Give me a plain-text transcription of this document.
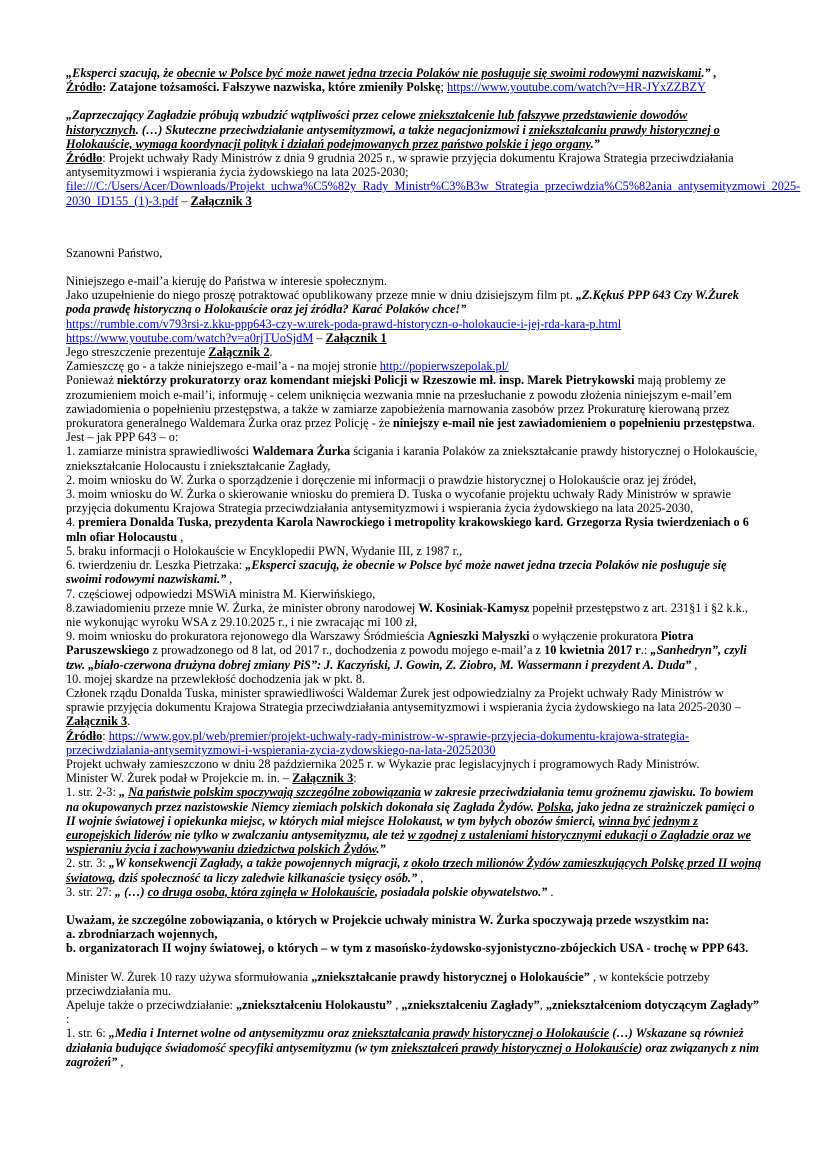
„Eksperci szacują, że obecnie w Polsce być może nawet jedna trzecia Polaków nie posługuje się swoimi rodowymi nazwiskami.” ,
Źródło: Zatajone tożsamości. Fałszywe nazwiska, które zmieniły Polskę; https://www.youtube.com/watch?v=HR-JYxZZBZY

„Zaprzeczający Zagładzie próbują wzbudzić wątpliwości przez celowe zniekształcenie lub fałszywe przedstawienie dowodów historycznych. (…) Skuteczne przeciwdziałanie antysemityzmowi, a także negacjonizmowi i zniekształcaniu prawdy historycznej o Holokauście, wymaga koordynacji polityk i działań podejmowanych przez państwo polskie i jego organy.”
Źródło: Projekt uchwały Rady Ministrów z dnia 9 grudnia 2025 r., w sprawie przyjęcia dokumentu Krajowa Strategia przeciwdziałania antysemityzmowi i wspierania życia żydowskiego na lata 2025-2030; file:///C:/Users/Acer/Downloads/Projekt_uchwa%C5%82y_Rady_Ministr%C3%B3w_Strategia_przeciwdzia%C5%82ania_antysemityzmowi_2025-2030_ID155_(1)-3.pdf – Załącznik 3

Szanowni Państwo,

Niniejszego e-mail’a kieruję do Państwa w interesie społecznym.

Jako uzupełnienie do niego proszę potraktować opublikowany przeze mnie w dniu dzisiejszym film pt. „Z.Kękuś PPP 643 Czy W.Żurek poda prawdę historyczną o Holokauście oraz jej źródła? Karać Polaków chce!”

https://rumble.com/v793rsi-z.kku-ppp643-czy-w.urek-poda-prawd-historyczn-o-holokaucie-i-jej-rda-kara-p.html

https://www.youtube.com/watch?v=a0rjTUoSjdM – Załącznik 1

Jego streszczenie prezentuje Załącznik 2.

Zamieszczę go - a także niniejszego e-mail’a - na mojej stronie http://popierwszepolak.pl/

Ponieważ niektórzy prokuratorzy oraz komendant miejski Policji w Rzeszowie mł. insp. Marek Pietrykowski mają problemy ze zrozumieniem moich e-mail’i, informuję - celem uniknięcia wezwania mnie na przesłuchanie z powodu złożenia niniejszym e-mail’em zawiadomienia o popełnieniu przestępstwa, a także w zamiarze zapobieżenia marnowania zasobów przez Prokuraturę kierowaną przez prokuratora generalnego Waldemara Żurka oraz przez Policję - że niniejszy e-mail nie jest zawiadomieniem o popełnieniu przestępstwa.

Jest – jak PPP 643 – o:

1. zamiarze ministra sprawiedliwości Waldemara Żurka ścigania i karania Polaków za zniekształcanie prawdy historycznej o Holokauście, zniekształcanie Holocaustu i zniekształcanie Zagłady,

2. moim wniosku do W. Żurka o sporządzenie i doręczenie mi informacji o prawdzie historycznej o Holokauście oraz jej źródeł,

3. moim wniosku do W. Żurka o skierowanie wniosku do premiera D. Tuska o wycofanie projektu uchwały Rady Ministrów w sprawie przyjęcia dokumentu Krajowa Strategia przeciwdziałania antysemityzmowi i wspierania życia żydowskiego na lata 2025-2030,

4. premiera Donalda Tuska, prezydenta Karola Nawrockiego i metropolity krakowskiego kard. Grzegorza Rysia twierdzeniach o 6 mln ofiar Holocaustu ,

5. braku informacji o Holokauście w Encyklopedii PWN, Wydanie III, z 1987 r.,

6. twierdzeniu dr. Leszka Pietrzaka: „Eksperci szacują, że obecnie w Polsce być może nawet jedna trzecia Polaków nie posługuje się swoimi rodowymi nazwiskami.” ,

7. częściowej odpowiedzi MSWiA ministra M. Kierwińskiego,

8.zawiadomieniu przeze mnie W. Żurka, że minister obrony narodowej W. Kosiniak-Kamysz popełnił przestępstwo z art. 231§1 i §2 k.k., nie wykonując wyroku WSA z 29.10.2025 r., i nie zwracając mi 100 zł,

9. moim wniosku do prokuratora rejonowego dla Warszawy Śródmieścia Agnieszki Małyszki o wyłączenie prokuratora Piotra Paruszewskiego z prowadzonego od 8 lat, od 2017 r., dochodzenia z powodu mojego e-mail’a z 10 kwietnia 2017 r.: „Sanhedryn”, czyli tzw. „biało-czerwona drużyna dobrej zmiany PiS”: J. Kaczyński, J. Gowin, Z. Ziobro, M. Wassermann i prezydent A. Duda” ,

10. mojej skardze na przewlekłość dochodzenia jak w pkt. 8.

Członek rządu Donalda Tuska, minister sprawiedliwości Waldemar Żurek jest odpowiedzialny za Projekt uchwały Rady Ministrów w sprawie przyjęcia dokumentu Krajowa Strategia przeciwdziałania antysemityzmowi i wspierania życia żydowskiego na lata 2025-2030 – Załącznik 3.

Źródło: https://www.gov.pl/web/premier/projekt-uchwaly-rady-ministrow-w-sprawie-przyjecia-dokumentu-krajowa-strategia-przeciwdzialania-antysemityzmowi-i-wspierania-zycia-zydowskiego-na-lata-20252030

Projekt uchwały zamieszczono w dniu 28 października 2025 r. w Wykazie prac legislacyjnych i programowych Rady Ministrów.

Minister W. Żurek podał w Projekcie m. in. – Załącznik 3:

1. str. 2-3: „ Na państwie polskim spoczywają szczególne zobowiązania w zakresie przeciwdziałania temu groźnemu zjawisku. To bowiem na okupowanych przez nazistowskie Niemcy ziemiach polskich dokonała się Zagłada Żydów. Polska, jako jedna ze strażniczek pamięci o II wojnie światowej i opiekunka miejsc, w których miał miejsce Holokaust, w tym byłych obozów śmierci, winna być jednym z europejskich liderów nie tylko w zwalczaniu antysemityzmu, ale też w zgodnej z ustaleniami historycznymi edukacji o Zagładzie oraz we wspieraniu życia i zachowywaniu dziedzictwa polskich Żydów.”

2. str. 3: „W konsekwencji Zagłady, a także powojennych migracji, z około trzech milionów Żydów zamieszkujących Polskę przed II wojną światową, dziś społeczność ta liczy zaledwie kilkanaście tysięcy osób.” ,

3. str. 27: „ (…) co druga osoba, która zginęła w Holokauście, posiadała polskie obywatelstwo.” .

Uważam, że szczególne zobowiązania, o których w Projekcie uchwały ministra W. Żurka spoczywają przede wszystkim na:
a. zbrodniarzach wojennych,
b. organizatorach II wojny światowej, o których – w tym z masońsko-żydowsko-syjonistyczno-zbójeckich USA - trochę w PPP 643.

Minister W. Żurek 10 razy używa sformułowania „zniekształcanie prawdy historycznej o Holokauście” , w kontekście potrzeby przeciwdziałania mu.

Apeluje także o przeciwdziałanie: „zniekształceniu Holokaustu” , „zniekształceniu Zagłady”, „zniekształceniom dotyczącym Zagłady” :

1. str. 6: „Media i Internet wolne od antysemityzmu oraz zniekształcania prawdy historycznej o Holokauście (…) Wskazane są również działania budujące świadomość specyfiki antysemityzmu (w tym zniekształceń prawdy historycznej o Holokauście) oraz związanych z nim zagrożeń” ,
